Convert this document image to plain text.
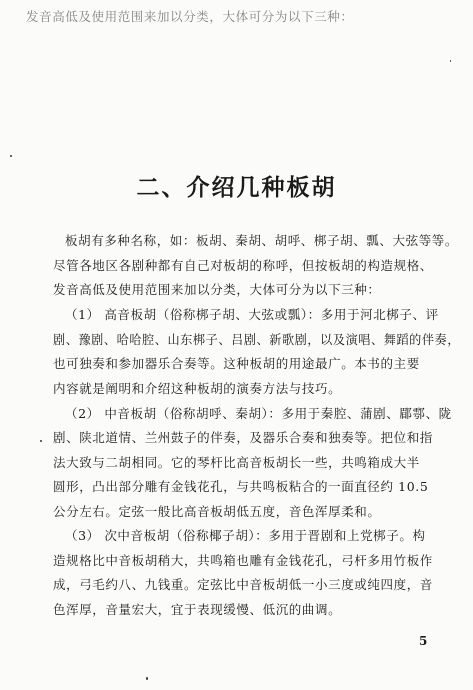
发音高低及使用范围来加以分类，大体可分为以下三种：
二、介绍几种板胡
板胡有多种名称，如：板胡、秦胡、胡呼、梆子胡、瓢、大弦等等。
尽管各地区各剧种都有自己对板胡的称呼，但按板胡的构造规格、
发音高低及使用范围来加以分类，大体可分为以下三种：
（1） 高音板胡（俗称梆子胡、大弦或瓢）：多用于河北梆子、评
剧、豫剧、哈哈腔、山东梆子、吕剧、新歌剧，以及演唱、舞蹈的伴奏，
也可独奏和参加器乐合奏等。这种板胡的用途最广。本书的主要
内容就是阐明和介绍这种板胡的演奏方法与技巧。
（2） 中音板胡（俗称胡呼、秦胡）：多用于秦腔、蒲剧、郿鄠、陇
剧、陕北道情、兰州鼓子的伴奏，及器乐合奏和独奏等。把位和指
法大致与二胡相同。它的琴杆比高音板胡长一些，共鸣箱成大半
圆形，凸出部分雕有金钱花孔，与共鸣板粘合的一面直径约 10.5
公分左右。定弦一般比高音板胡低五度，音色浑厚柔和。
（3） 次中音板胡（俗称椰子胡）：多用于晋剧和上党梆子。构
造规格比中音板胡稍大，共鸣箱也雕有金钱花孔，弓杆多用竹板作
成，弓毛约八、九钱重。定弦比中音板胡低一小三度或纯四度，音
色浑厚，音量宏大，宜于表现缓慢、低沉的曲调。
5
